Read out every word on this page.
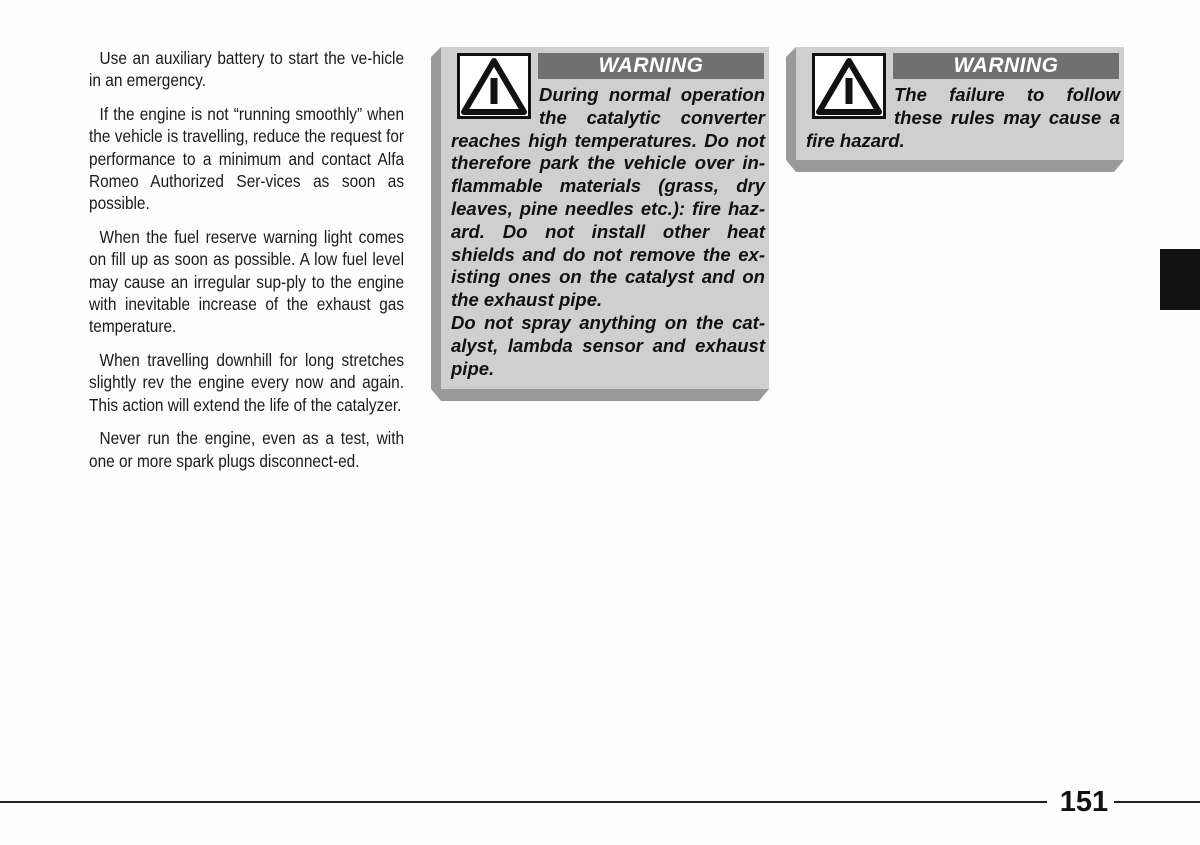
Use an auxiliary battery to start the ve-hicle in an emergency.

If the engine is not “running smoothly” when the vehicle is travelling, reduce the request for performance to a minimum and contact Alfa Romeo Authorized Ser-vices as soon as possible.

When the fuel reserve warning light comes on fill up as soon as possible. A low fuel level may cause an irregular sup-ply to the engine with inevitable increase of the exhaust gas temperature.

When travelling downhill for long stretches slightly rev the engine every now and again. This action will extend the life of the catalyzer.

Never run the engine, even as a test, with one or more spark plugs disconnect-ed.

WARNING

During normal operation the catalytic converter reaches high temperatures. Do not therefore park the vehicle over in-flammable materials (grass, dry leaves, pine needles etc.): fire haz-ard. Do not install other heat shields and do not remove the ex-isting ones on the catalyst and on the exhaust pipe.

Do not spray anything on the cat-alyst, lambda sensor and exhaust pipe.

WARNING

The failure to follow these rules may cause a fire hazard.

151
